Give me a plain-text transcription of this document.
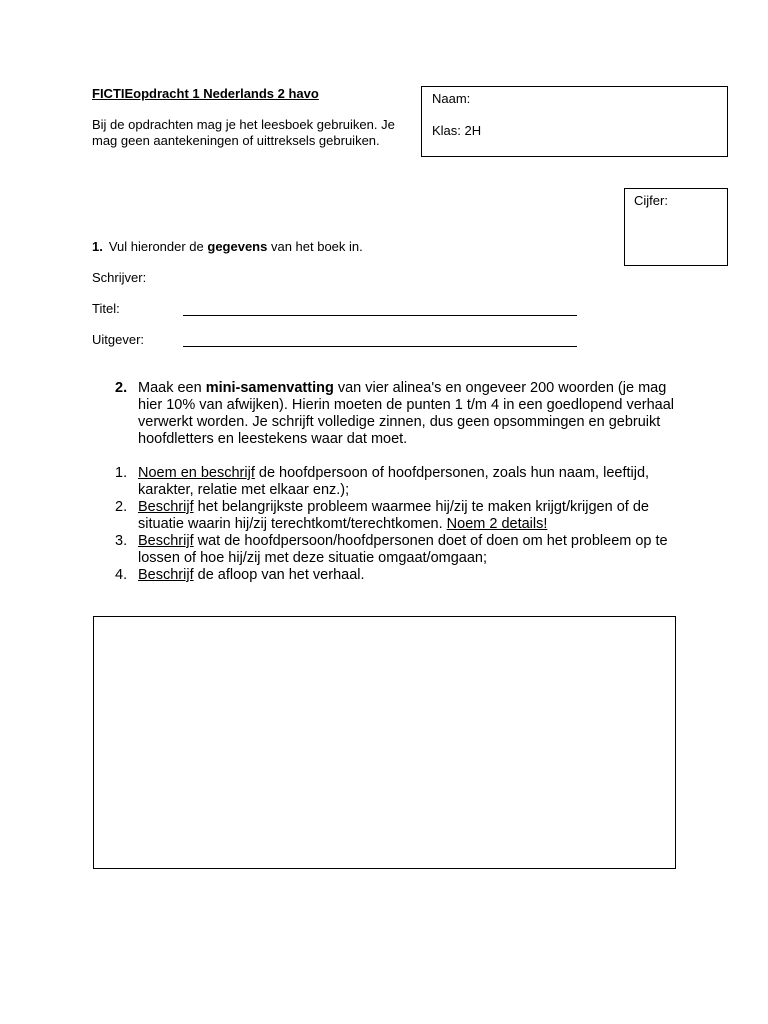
FICTIEopdracht 1 Nederlands 2 havo
Bij de opdrachten mag je het leesboek gebruiken. Je mag geen aantekeningen of uittreksels gebruiken.
Naam:
Klas: 2H
Cijfer:
1. Vul hieronder de gegevens van het boek in.
Schrijver:
Titel:
Uitgever:
2. Maak een mini-samenvatting van vier alinea's en ongeveer 200 woorden (je mag hier 10% van afwijken). Hierin moeten de punten 1 t/m 4 in een goedlopend verhaal verwerkt worden. Je schrijft volledige zinnen, dus geen opsommingen en gebruikt hoofdletters en leestekens waar dat moet.
1. Noem en beschrijf de hoofdpersoon of hoofdpersonen, zoals hun naam, leeftijd, karakter, relatie met elkaar enz.);
2. Beschrijf het belangrijkste probleem waarmee hij/zij te maken krijgt/krijgen of de situatie waarin hij/zij terechtkomt/terechtkomen. Noem 2 details!
3. Beschrijf wat de hoofdpersoon/hoofdpersonen doet of doen om het probleem op te lossen of hoe hij/zij met deze situatie omgaat/omgaan;
4. Beschrijf de afloop van het verhaal.
